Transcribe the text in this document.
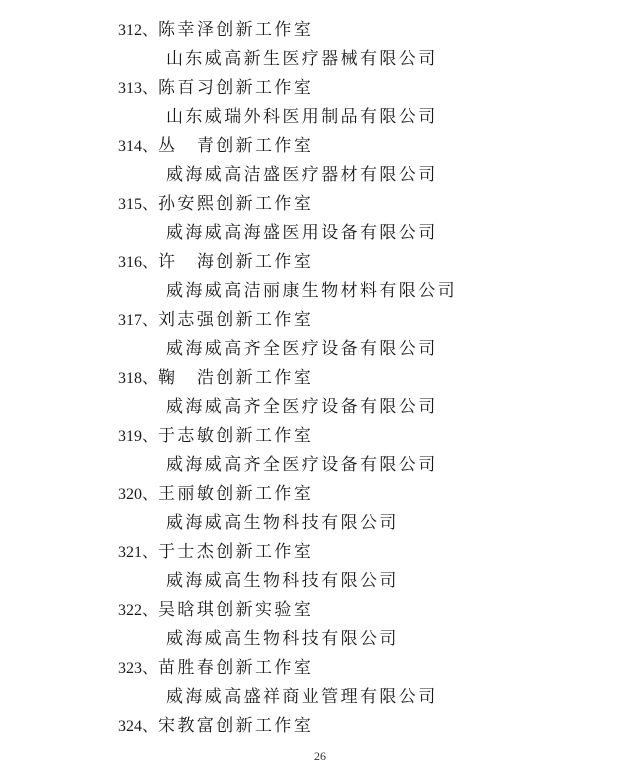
312、陈幸泽创新工作室
山东威高新生医疗器械有限公司
313、陈百习创新工作室
山东威瑞外科医用制品有限公司
314、丛　青创新工作室
威海威高洁盛医疗器材有限公司
315、孙安熙创新工作室
威海威高海盛医用设备有限公司
316、许　海创新工作室
威海威高洁丽康生物材料有限公司
317、刘志强创新工作室
威海威高齐全医疗设备有限公司
318、鞠　浩创新工作室
威海威高齐全医疗设备有限公司
319、于志敏创新工作室
威海威高齐全医疗设备有限公司
320、王丽敏创新工作室
威海威高生物科技有限公司
321、于士杰创新工作室
威海威高生物科技有限公司
322、吴晗琪创新实验室
威海威高生物科技有限公司
323、苗胜春创新工作室
威海威高盛祥商业管理有限公司
324、宋教富创新工作室
26
